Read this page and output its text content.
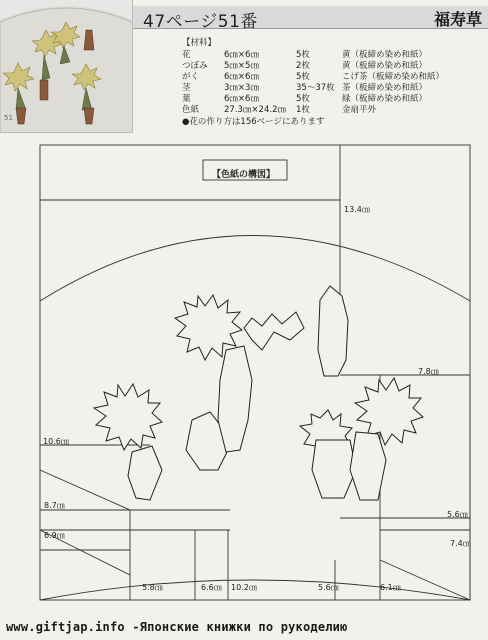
51
47ページ51番	福寿草
【材料】
花	6㎝×6㎝	5枚	黄（板締め染め和紙）
つぼみ	5㎝×5㎝	2枚	黄（板締め染め和紙）
がく	6㎝×6㎝	5枚	こげ茶（板締め染め和紙）
茎	3㎝×3㎝	35～37枚 茶（板締め染め和紙）
葉	6㎝×6㎝	5枚	緑（板締め染め和紙）
色紙	27.3㎝×24.2㎝	1枚	金扇平外
●花の作り方は156ページにあります
【色紙の構図】
13.4㎝
7.8㎝
10.6㎝
8.7㎝
6.9㎝
5.6㎝
7.4㎝
5.8㎝	6.6㎝ 10.2㎝	5.6㎝	6.1㎝
www.giftjap.info -Японские книжки по рукоделию
